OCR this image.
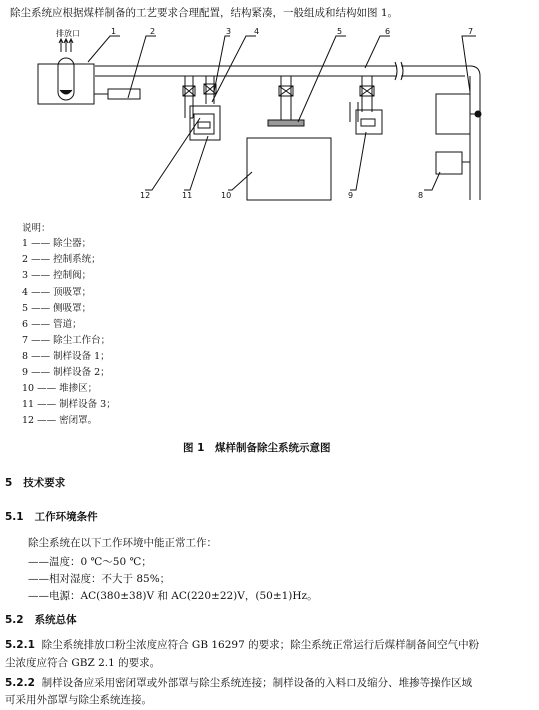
除尘系统应根据煤样制备的工艺要求合理配置，结构紧凑，一般组成和结构如图 1。
排放口	1	2	3	4	5	6	7
8
9
10
11
12
说明：
1 —— 除尘器；
2 —— 控制系统；
3 —— 控制阀；
4 —— 顶吸罩；
5 —— 侧吸罩；
6 —— 管道；
7 —— 除尘工作台；
8 —— 制样设备 1；
9 —— 制样设备 2；
10 —— 堆掺区；
11 —— 制样设备 3；
12 —— 密闭罩。
图 1　煤样制备除尘系统示意图
5 技术要求
5.1 工作环境条件
除尘系统在以下工作环境中能正常工作：
——温度：0 ℃～50 ℃；
——相对湿度：不大于 85%；
——电源：AC(380±38)V 和 AC(220±22)V，(50±1)Hz。
5.2 系统总体
5.2.1 除尘系统排放口粉尘浓度应符合 GB 16297 的要求；除尘系统正常运行后煤样制备间空气中粉
尘浓度应符合 GBZ 2.1 的要求。
5.2.2 制样设备应采用密闭罩或外部罩与除尘系统连接；制样设备的入料口及缩分、堆掺等操作区域
可采用外部罩与除尘系统连接。
